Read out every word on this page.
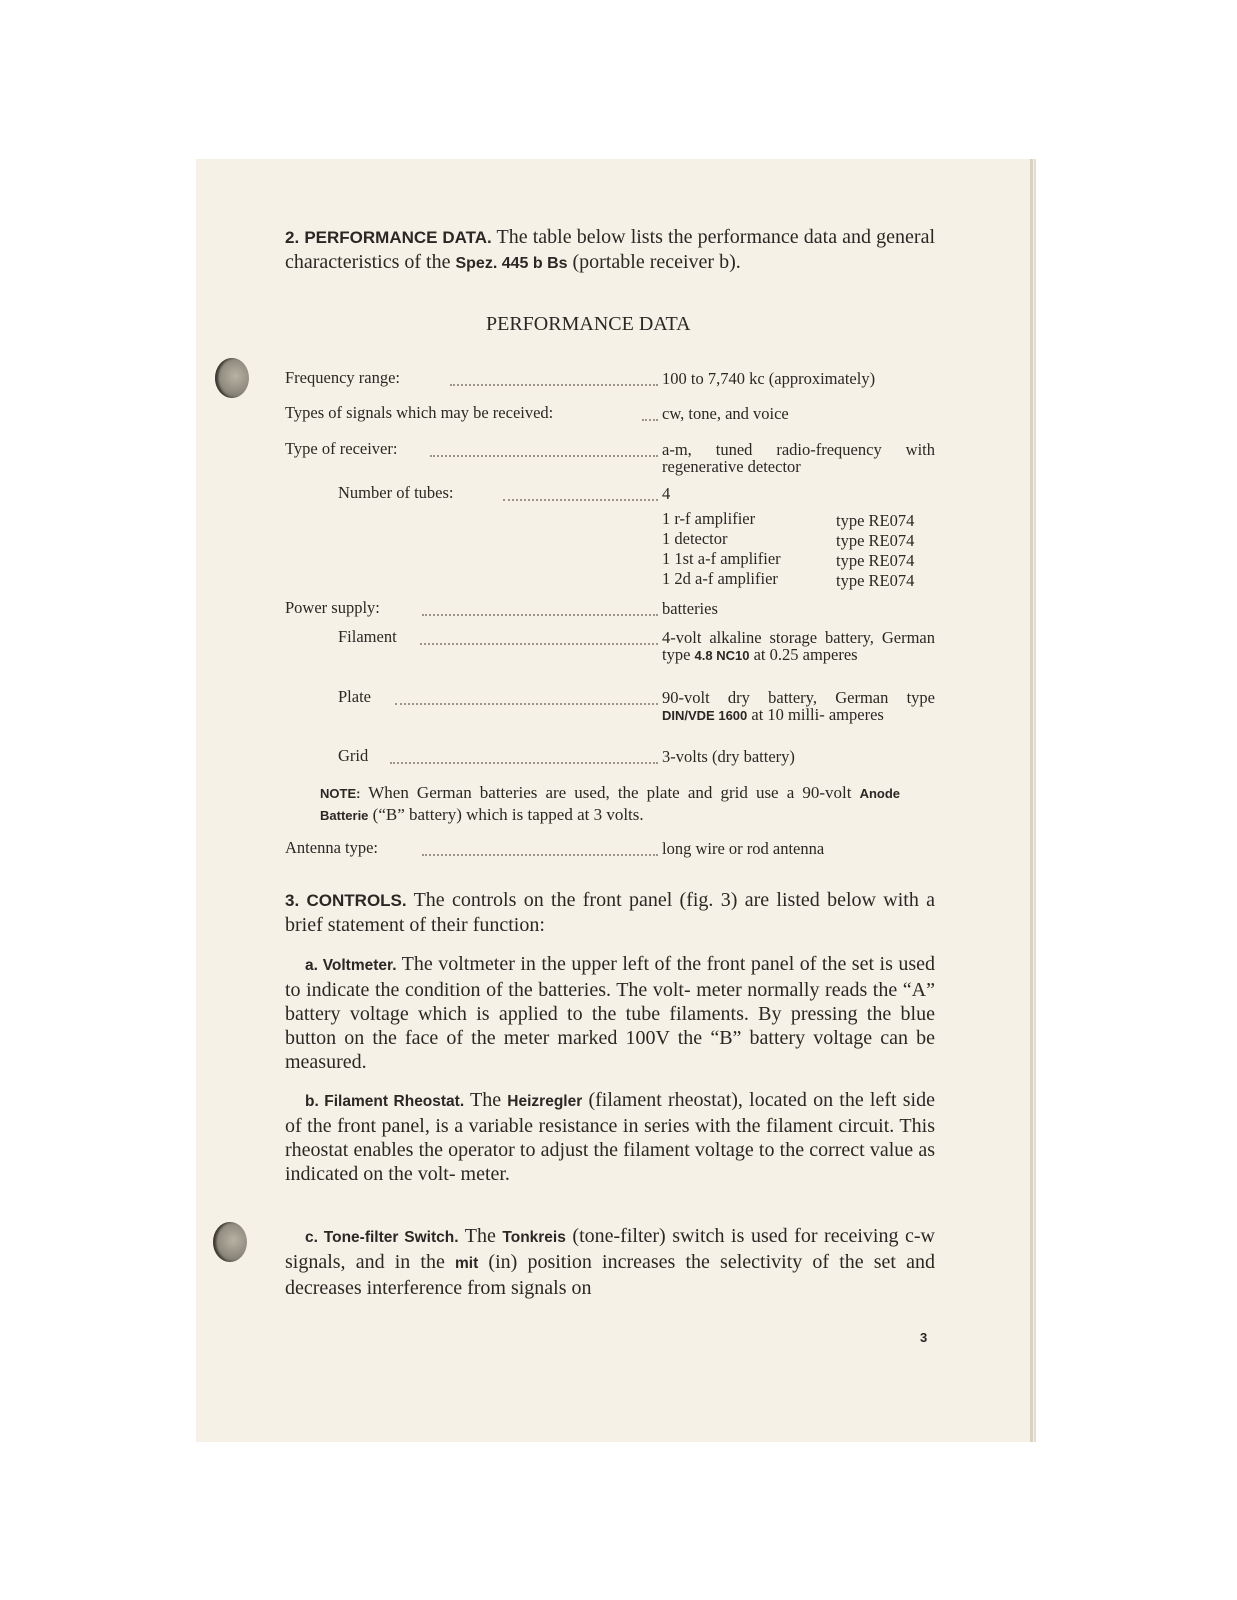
2. PERFORMANCE DATA. The table below lists the performance data and general characteristics of the Spez. 445 b Bs (portable receiver b).
PERFORMANCE DATA
Frequency range:	100 to 7,740 kc (approximately)
Types of signals which may be received:	cw, tone, and voice
Type of receiver:	a-m, tuned radio-frequency with regenerative detector
Number of tubes:	4
1 r-f amplifier	type RE074
1 detector	type RE074
1 1st a-f amplifier	type RE074
1 2d a-f amplifier	type RE074
Power supply:	batteries
Filament	4-volt alkaline storage battery, German type 4.8 NC10 at 0.25 amperes
Plate	90-volt dry battery, German type DIN/VDE 1600 at 10 milli- amperes
Grid	3-volts (dry battery)
NOTE: When German batteries are used, the plate and grid use a 90-volt Anode Batterie (“B” battery) which is tapped at 3 volts.
Antenna type:	long wire or rod antenna
3. CONTROLS. The controls on the front panel (fig. 3) are listed below with a brief statement of their function:
a. Voltmeter. The voltmeter in the upper left of the front panel of the set is used to indicate the condition of the batteries. The volt- meter normally reads the “A” battery voltage which is applied to the tube filaments. By pressing the blue button on the face of the meter marked 100V the “B” battery voltage can be measured.
b. Filament Rheostat. The Heizregler (filament rheostat), located on the left side of the front panel, is a variable resistance in series with the filament circuit. This rheostat enables the operator to adjust the filament voltage to the correct value as indicated on the volt- meter.
c. Tone-filter Switch. The Tonkreis (tone-filter) switch is used for receiving c-w signals, and in the mit (in) position increases the selectivity of the set and decreases interference from signals on
3
